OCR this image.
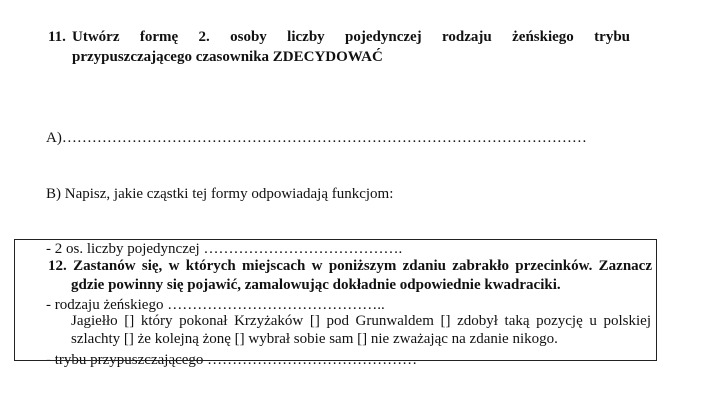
11. Utwórz formę 2. osoby liczby pojedynczej rodzaju żeńskiego trybu
przypuszczającego czasownika ZDECYDOWAĆ

A)……………………………………………………………………………………………

B) Napisz, jakie cząstki tej formy odpowiadają funkcjom:

- 2 os. liczby pojedynczej ………………………………….

- rodzaju żeńskiego ……………………………………..

- trybu przypuszczającego ……………………………………

12. Zastanów się, w których miejscach w poniższym zdaniu zabrakło przecinków. Zaznacz
gdzie powinny się pojawić, zamalowując dokładnie odpowiednie kwadraciki.
Jagiełło [] który pokonał Krzyżaków [] pod Grunwaldem [] zdobył taką pozycję u polskiej
szlachty [] że kolejną żonę [] wybrał sobie sam [] nie zważając na zdanie nikogo.
